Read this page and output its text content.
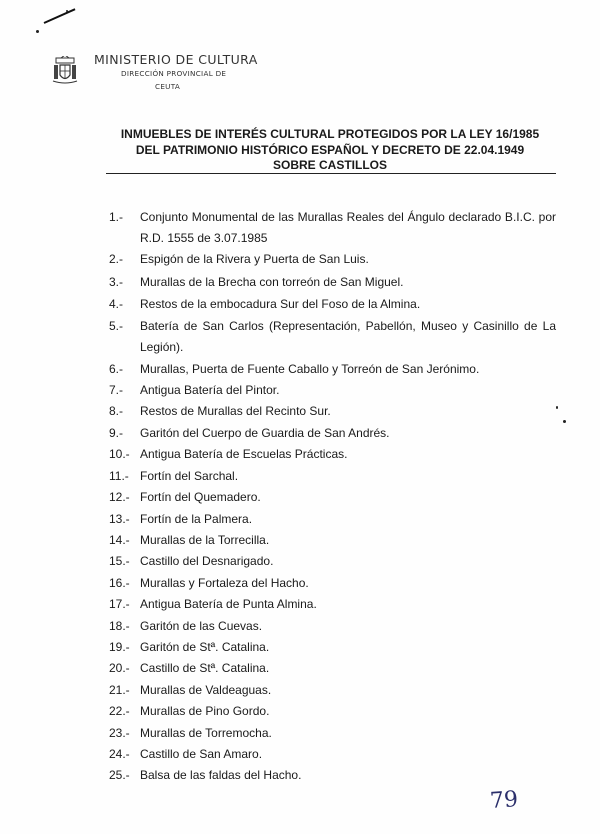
MINISTERIO DE CULTURA
DIRECCIÓN PROVINCIAL DE
CEUTA
INMUEBLES DE INTERÉS CULTURAL PROTEGIDOS POR LA LEY 16/1985
DEL PATRIMONIO HISTÓRICO ESPAÑOL Y DECRETO DE 22.04.1949
SOBRE CASTILLOS
1.- Conjunto Monumental de las Murallas Reales del Ángulo declarado B.I.C. por R.D. 1555 de 3.07.1985
2.- Espigón de la Rivera y Puerta de San Luis.
3.- Murallas de la Brecha con torreón de San Miguel.
4.- Restos de la embocadura Sur del Foso de la Almina.
5.- Batería de San Carlos (Representación, Pabellón, Museo y Casinillo de La Legión).
6.- Murallas, Puerta de Fuente Caballo y Torreón de San Jerónimo.
7.- Antigua Batería del Pintor.
8.- Restos de Murallas del Recinto Sur.
9.- Garitón del Cuerpo de Guardia de San Andrés.
10.- Antigua Batería de Escuelas Prácticas.
11.- Fortín del Sarchal.
12.- Fortín del Quemadero.
13.- Fortín de la Palmera.
14.- Murallas de la Torrecilla.
15.- Castillo del Desnarigado.
16.- Murallas y Fortaleza del Hacho.
17.- Antigua Batería de Punta Almina.
18.- Garitón de las Cuevas.
19.- Garitón de Stª. Catalina.
20.- Castillo de Stª. Catalina.
21.- Murallas de Valdeaguas.
22.- Murallas de Pino Gordo.
23.- Murallas de Torremocha.
24.- Castillo de San Amaro.
25.- Balsa de las faldas del Hacho.
79
